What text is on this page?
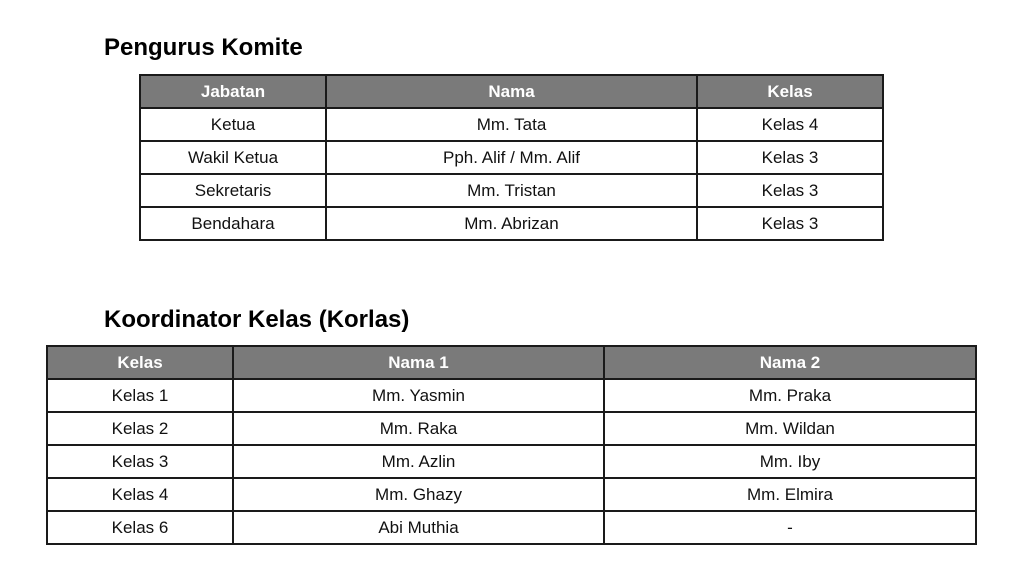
Pengurus Komite
Jabatan	Nama	Kelas
Ketua	Mm. Tata	Kelas 4
Wakil Ketua	Pph. Alif / Mm. Alif	Kelas 3
Sekretaris	Mm. Tristan	Kelas 3
Bendahara	Mm. Abrizan	Kelas 3
Koordinator Kelas (Korlas)
Kelas	Nama 1	Nama 2
Kelas 1	Mm. Yasmin	Mm. Praka
Kelas 2	Mm. Raka	Mm. Wildan
Kelas 3	Mm. Azlin	Mm. Iby
Kelas 4	Mm. Ghazy	Mm. Elmira
Kelas 6	Abi Muthia	-
